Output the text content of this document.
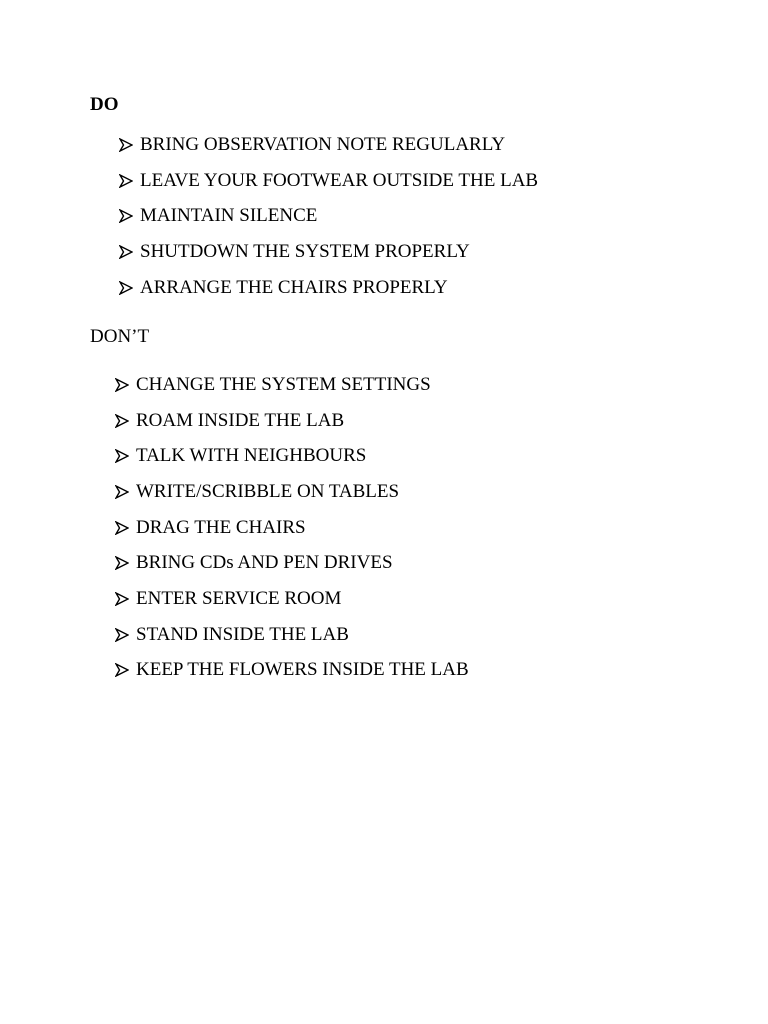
DO
BRING OBSERVATION NOTE REGULARLY
LEAVE YOUR FOOTWEAR OUTSIDE THE LAB
MAINTAIN SILENCE
SHUTDOWN THE SYSTEM PROPERLY
ARRANGE THE CHAIRS PROPERLY
DON’T
CHANGE THE SYSTEM SETTINGS
ROAM INSIDE THE LAB
TALK WITH NEIGHBOURS
WRITE/SCRIBBLE ON TABLES
DRAG THE CHAIRS
BRING CDs AND PEN DRIVES
ENTER SERVICE ROOM
STAND INSIDE THE LAB
KEEP THE FLOWERS INSIDE THE LAB
